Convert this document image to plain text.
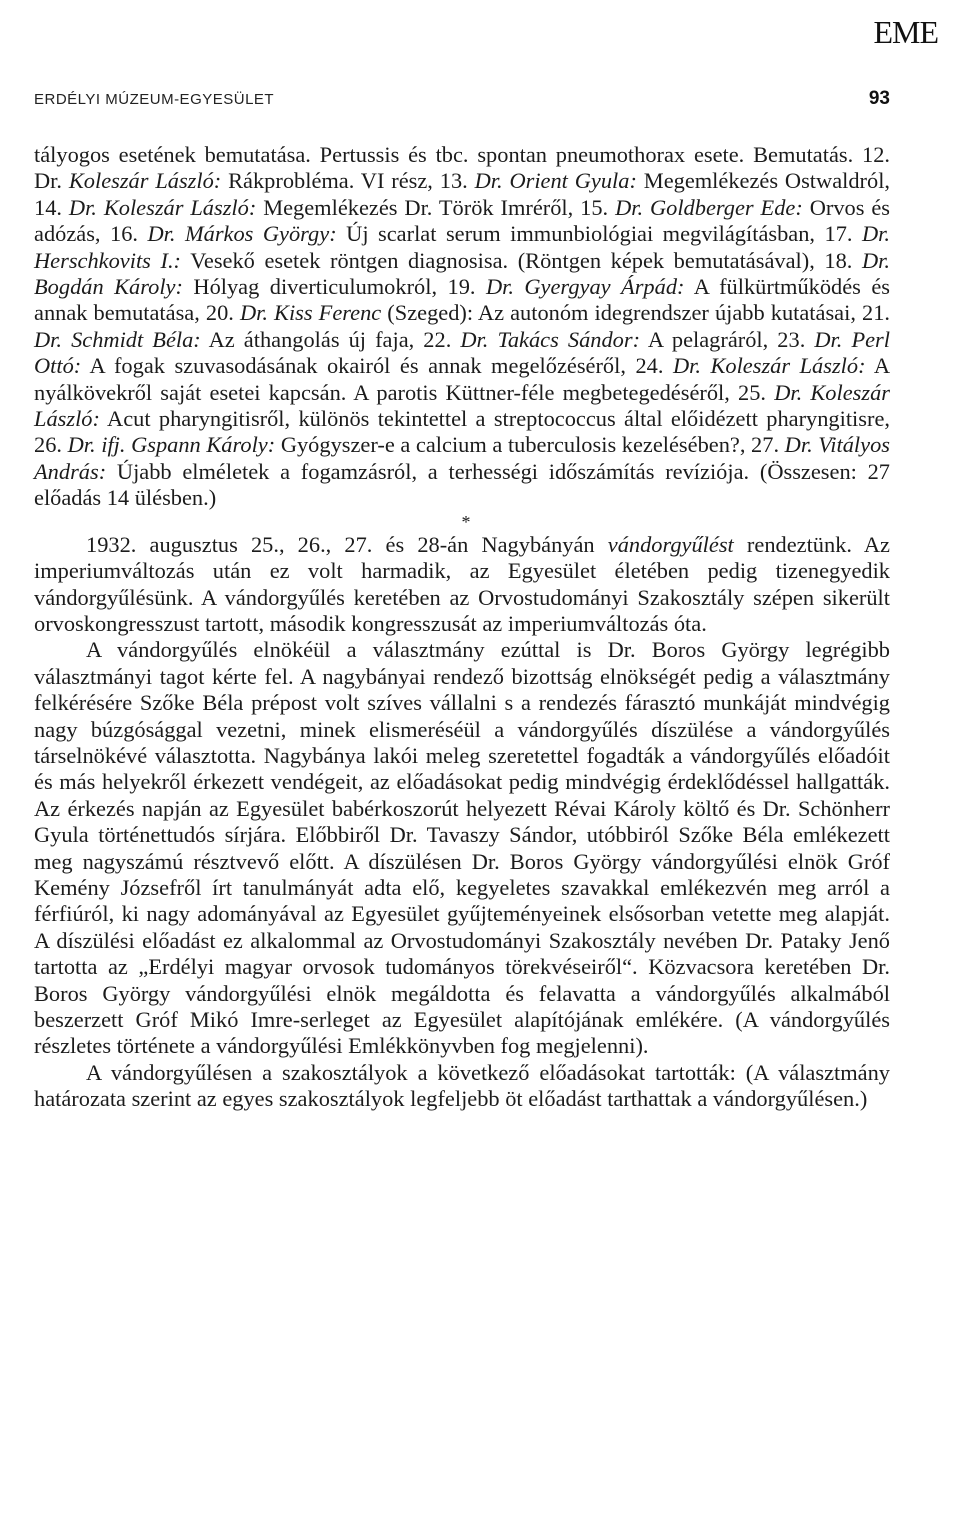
EME
ERDÉLYI MÚZEUM-EGYESÜLET	93

tályogos esetének bemutatása. Pertussis és tbc. spontan pneumothorax esete. Bemutatás. 12. Dr. Koleszár László: Rákprobléma. VI rész, 13. Dr. Orient Gyula: Megemlékezés Ostwaldról, 14. Dr. Koleszár László: Megemlékezés Dr. Török Imréről, 15. Dr. Goldberger Ede: Orvos és adózás, 16. Dr. Márkos György: Új scarlat serum immunbiológiai megvilágításban, 17. Dr. Herschkovits I.: Vesekő esetek röntgen diagnosisa. (Röntgen képek bemutatásával), 18. Dr. Bogdán Károly: Hólyag diverticulumokról, 19. Dr. Gyergyay Árpád: A fülkürtműködés és annak bemutatása, 20. Dr. Kiss Ferenc (Szeged): Az autonóm idegrendszer újabb kutatásai, 21. Dr. Schmidt Béla: Az áthangolás új faja, 22. Dr. Takács Sándor: A pelagráról, 23. Dr. Perl Ottó: A fogak szuvasodásának okairól és annak megelőzéséről, 24. Dr. Koleszár László: A nyálkövekről saját esetei kapcsán. A parotis Küttner-féle megbetegedéséről, 25. Dr. Koleszár László: Acut pharyngitisről, különös tekintettel a streptococcus által előidézett pharyngitisre, 26. Dr. ifj. Gspann Károly: Gyógyszer-e a calcium a tuberculosis kezelésében?, 27. Dr. Vitályos András: Újabb elméletek a fogamzásról, a terhességi időszámítás revíziója. (Összesen: 27 előadás 14 ülésben.)

*

1932. augusztus 25., 26., 27. és 28-án Nagybányán vándorgyűlést rendeztünk. Az imperiumváltozás után ez volt harmadik, az Egyesület életében pedig tizenegyedik vándorgyűlésünk. A vándorgyűlés keretében az Orvostudományi Szakosztály szépen sikerült orvoskongresszust tartott, második kongresszusát az imperiumváltozás óta.

A vándorgyűlés elnökéül a választmány ezúttal is Dr. Boros György legrégibb választmányi tagot kérte fel. A nagybányai rendező bizottság elnökségét pedig a választmány felkérésére Szőke Béla prépost volt szíves vállalni s a rendezés fárasztó munkáját mindvégig nagy búzgósággal vezetni, minek elismeréséül a vándorgyűlés díszülése a vándorgyűlés társelnökévé választotta. Nagybánya lakói meleg szeretettel fogadták a vándorgyűlés előadóit és más helyekről érkezett vendégeit, az előadásokat pedig mindvégig érdeklődéssel hallgatták. Az érkezés napján az Egyesület babérkoszorút helyezett Révai Károly költő és Dr. Schönherr Gyula történettudós sírjára. Előbbiről Dr. Tavaszy Sándor, utóbbiról Szőke Béla emlékezett meg nagyszámú résztvevő előtt. A díszülésen Dr. Boros György vándorgyűlési elnök Gróf Kemény Józsefről írt tanulmányát adta elő, kegyeletes szavakkal emlékezvén meg arról a férfiúról, ki nagy adományával az Egyesület gyűjteményeinek elsősorban vetette meg alapját. A díszülési előadást ez alkalommal az Orvostudományi Szakosztály nevében Dr. Pataky Jenő tartotta az „Erdélyi magyar orvosok tudományos törekvéseiről“. Közvacsora keretében Dr. Boros György vándorgyűlési elnök megáldotta és felavatta a vándorgyűlés alkalmából beszerzett Gróf Mikó Imre-serleget az Egyesület alapítójának emlékére. (A vándorgyűlés részletes története a vándorgyűlési Emlékkönyvben fog megjelenni).

A vándorgyűlésen a szakosztályok a következő előadásokat tartották: (A választmány határozata szerint az egyes szakosztályok legfeljebb öt előadást tarthattak a vándorgyűlésen.)
